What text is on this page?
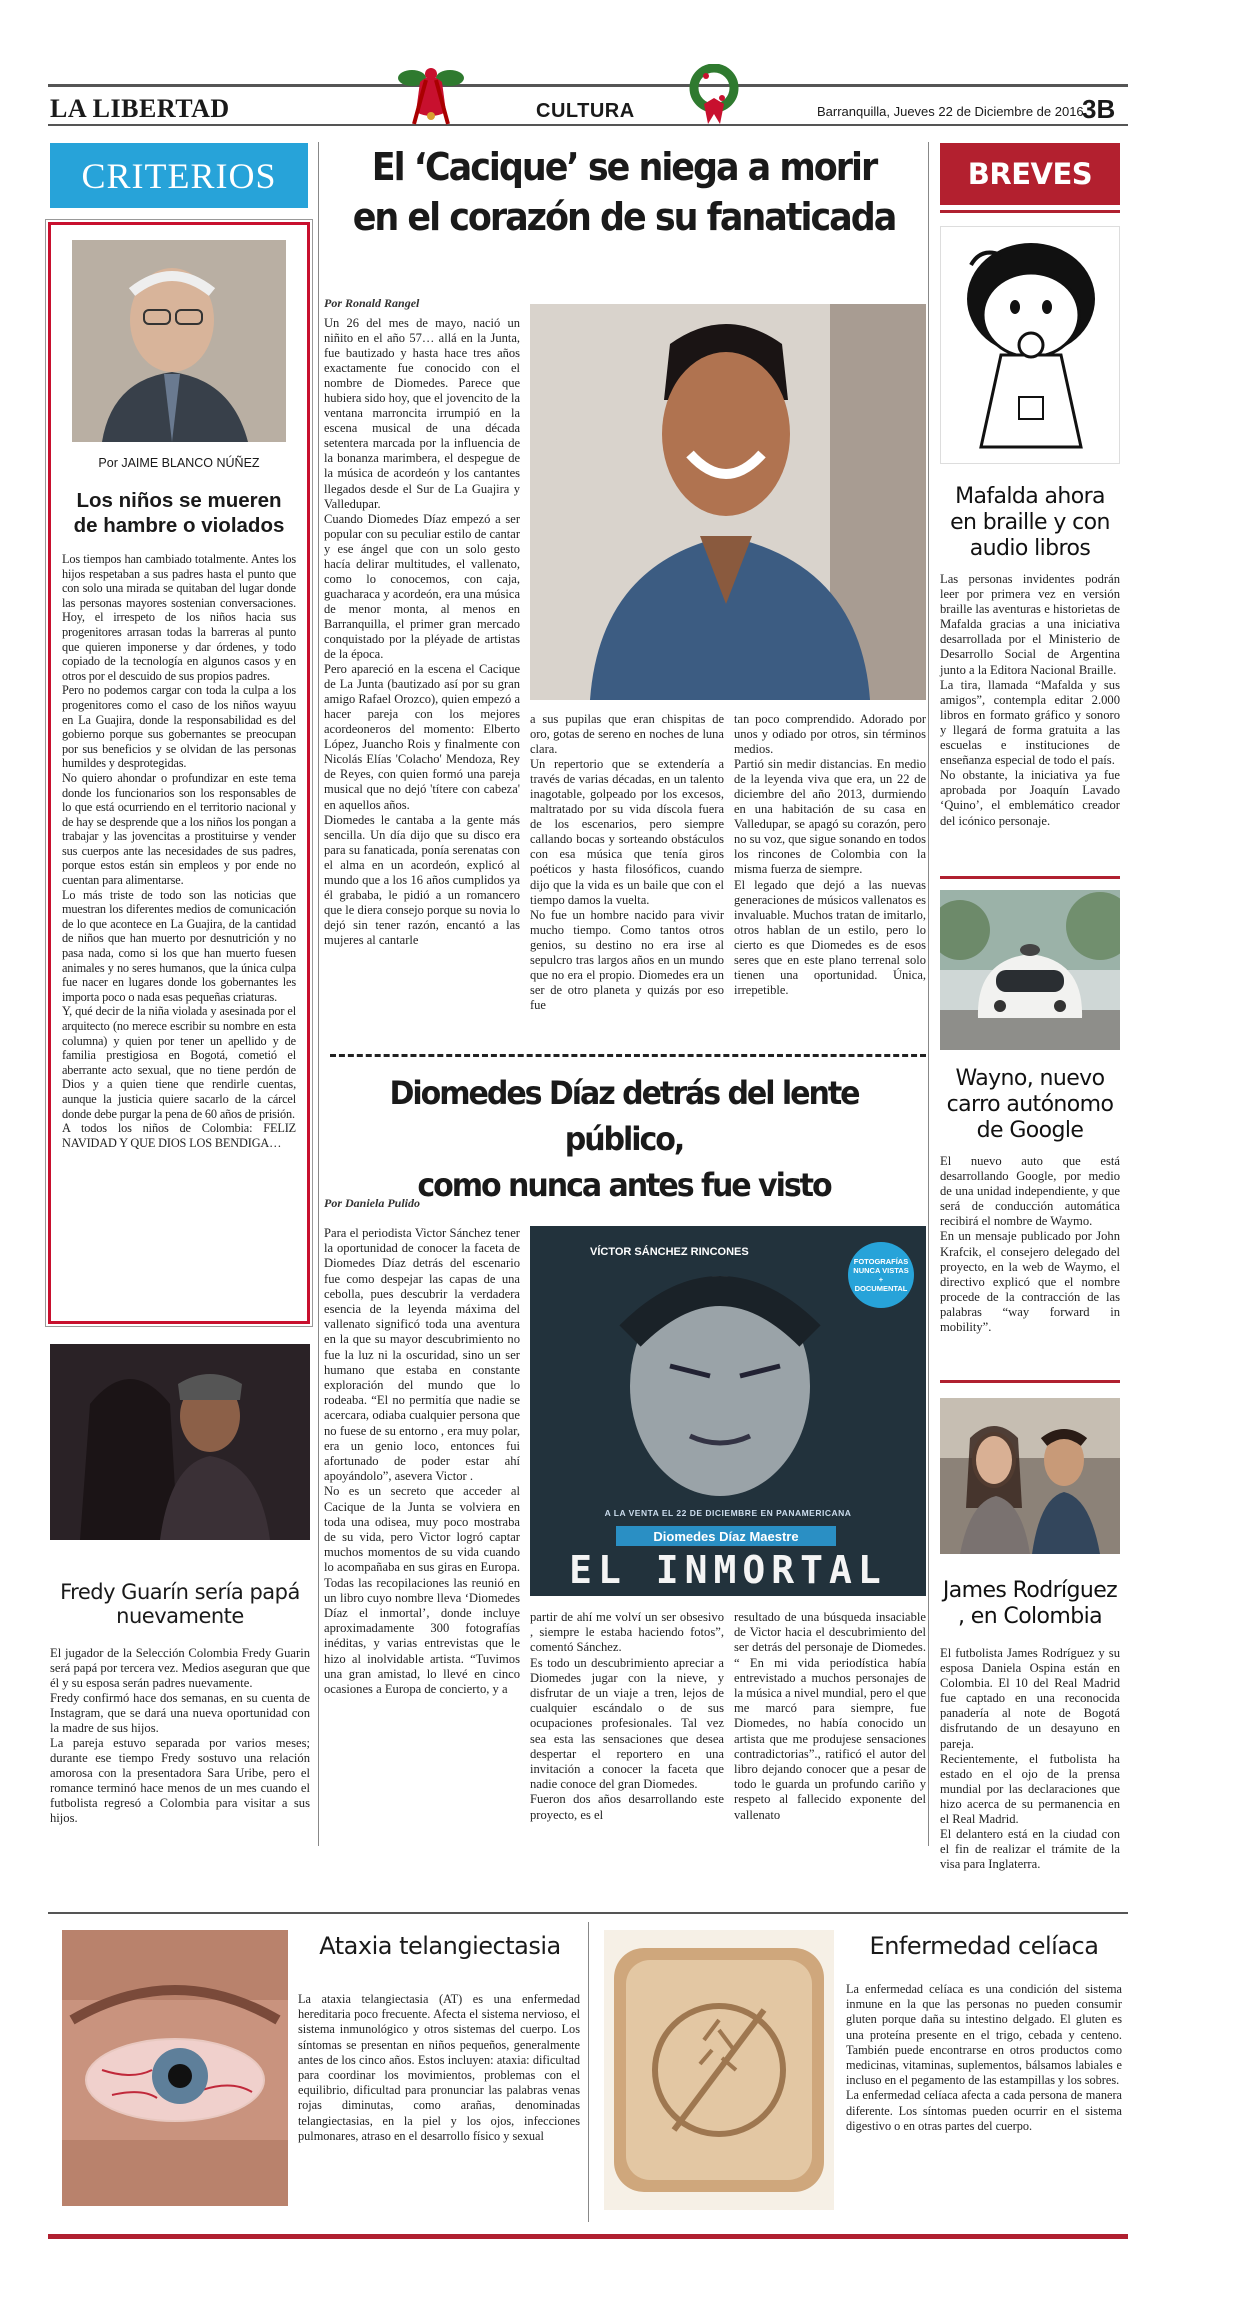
LA LIBERTAD	CULTURA	Barranquilla, Jueves 22 de Diciembre de 2016
3B
CRITERIOS
Por JAIME BLANCO NÚÑEZ
Los niños se mueren de hambre o violados
Los tiempos han cambiado totalmente. Antes los hijos respetaban a sus padres hasta el punto que con solo una mirada se quitaban del lugar donde las personas mayores sostenian conversaciones. Hoy, el irrespeto de los niños hacia sus progenitores arrasan todas la barreras al punto que quieren imponerse y dar órdenes, y todo copiado de la tecnología en algunos casos y en otros por el descuido de sus propios padres.
Pero no podemos cargar con toda la culpa a los progenitores como el caso de los niños wayuu en La Guajira, donde la responsabilidad es del gobierno porque sus gobernantes se preocupan por sus beneficios y se olvidan de las personas humildes y desprotegidas.
No quiero ahondar o profundizar en este tema donde los funcionarios son los responsables de lo que está ocurriendo en el territorio nacional y de hay se desprende que a los niños los pongan a trabajar y las jovencitas a prostituirse y vender sus cuerpos ante las necesidades de sus padres, porque estos están sin empleos y por ende no cuentan para alimentarse.
Lo más triste de todo son las noticias que muestran los diferentes medios de comunicación de lo que acontece en La Guajira, de la cantidad de niños que han muerto por desnutrición y no pasa nada, como si los que han muerto fuesen animales y no seres humanos, que la única culpa fue nacer en lugares donde los gobernantes les importa poco o nada esas pequeñas criaturas.
Y, qué decir de la niña violada y asesinada por el arquitecto (no merece escribir su nombre en esta columna) y quien por tener un apellido y de familia prestigiosa en Bogotá, cometió el aberrante acto sexual, que no tiene perdón de Dios y a quien tiene que rendirle cuentas, aunque la justicia quiere sacarlo de la cárcel donde debe purgar la pena de 60 años de prisión.
A todos los niños de Colombia: FELIZ NAVIDAD Y QUE DIOS LOS BENDIGA…
Fredy Guarín sería papá nuevamente
El jugador de la Selección Colombia Fredy Guarin será papá por tercera vez. Medios aseguran que que él y su esposa serán padres nuevamente.
Fredy confirmó hace dos semanas, en su cuenta de Instagram, que se dará una nueva oportunidad con la madre de sus hijos.
La pareja estuvo separada por varios meses; durante ese tiempo Fredy sostuvo una relación amorosa con la presentadora Sara Uribe, pero el romance terminó hace menos de un mes cuando el futbolista regresó a Colombia para visitar a sus hijos.
El ‘Cacique’ se niega a morir
en el corazón de su fanaticada
Por Ronald Rangel
Un 26 del mes de mayo, nació un niñito en el año 57… allá en la Junta, fue bautizado y hasta hace tres años exactamente fue conocido con el nombre de Diomedes. Parece que hubiera sido hoy, que el jovencito de la ventana marroncita irrumpió en la escena musical de una década setentera marcada por la influencia de la bonanza marimbera, el despegue de la música de acordeón y los cantantes llegados desde el Sur de La Guajira y Valledupar.
Cuando Diomedes Díaz empezó a ser popular con su peculiar estilo de cantar y ese ángel que con un solo gesto hacía delirar multitudes, el vallenato, como lo conocemos, con caja, guacharaca y acordeón, era una música de menor monta, al menos en Barranquilla, el primer gran mercado conquistado por la pléyade de artistas de la época.
Pero apareció en la escena el Cacique de La Junta (bautizado así por su gran amigo Rafael Orozco), quien empezó a hacer pareja con los mejores acordeoneros del momento: Elberto López, Juancho Rois y finalmente con Nicolás Elías 'Colacho' Mendoza, Rey de Reyes, con quien formó una pareja musical que no dejó 'títere con cabeza' en aquellos años.
Diomedes le cantaba a la gente más sencilla. Un día dijo que su disco era para su fanaticada, ponía serenatas con el alma en un acordeón, explicó al mundo que a los 16 años cumplidos ya él grababa, le pidió a un romancero que le diera consejo porque su novia lo dejó sin tener razón, encantó a las mujeres al cantarle
a sus pupilas que eran chispitas de oro, gotas de sereno en noches de luna clara.
Un repertorio que se extendería a través de varias décadas, en un talento inagotable, golpeado por los excesos, maltratado por su vida díscola fuera de los escenarios, pero siempre callando bocas y sorteando obstáculos con esa música que tenía giros poéticos y hasta filosóficos, cuando dijo que la vida es un baile que con el tiempo damos la vuelta.
No fue un hombre nacido para vivir mucho tiempo. Como tantos otros genios, su destino no era irse al sepulcro tras largos años en un mundo que no era el propio. Diomedes era un ser de otro planeta y quizás por eso fue
tan poco comprendido. Adorado por unos y odiado por otros, sin términos medios.
Partió sin medir distancias. En medio de la leyenda viva que era, un 22 de diciembre del año 2013, durmiendo en una habitación de su casa en Valledupar, se apagó su corazón, pero no su voz, que sigue sonando en todos los rincones de Colombia con la misma fuerza de siempre.
El legado que dejó a las nuevas generaciones de músicos vallenatos es invaluable. Muchos tratan de imitarlo, otros hablan de un estilo, pero lo cierto es que Diomedes es de esos seres que en este plano terrenal solo tienen una oportunidad. Única, irrepetible.
Diomedes Díaz detrás del lente público,
como nunca antes fue visto
Por Daniela Pulido
VÍCTOR SÁNCHEZ RINCONES
FOTOGRAFÍAS NUNCA VISTAS + DOCUMENTAL
A LA VENTA EL 22 DE DICIEMBRE EN PANAMERICANA
Diomedes Díaz Maestre
EL INMORTAL
Para el periodista Victor Sánchez tener la oportunidad de conocer la faceta de Diomedes Díaz detrás del escenario fue como despejar las capas de una cebolla, pues descubrir la verdadera esencia de la leyenda máxima del vallenato significó toda una aventura en la que su mayor descubrimiento no fue la luz ni la oscuridad, sino un ser humano que estaba en constante exploración del mundo que lo rodeaba. “El no permitía que nadie se acercara, odiaba cualquier persona que no fuese de su entorno , era muy polar, era un genio loco, entonces fui afortunado de poder estar ahí apoyándolo”, asevera Victor .
No es un secreto que acceder al Cacique de la Junta se volviera en toda una odisea, muy poco mostraba de su vida, pero Victor logró captar muchos momentos de su vida cuando lo acompañaba en sus giras en Europa. Todas las recopilaciones las reunió en un libro cuyo nombre lleva ‘Diomedes Díaz el inmortal’, donde incluye aproximadamente 300 fotografías inéditas, y varias entrevistas que le hizo al inolvidable artista. “Tuvimos una gran amistad, lo llevé en cinco ocasiones a Europa de concierto, y a
partir de ahí me volví un ser obsesivo , siempre le estaba haciendo fotos”, comentó Sánchez.
Es todo un descubrimiento apreciar a Diomedes jugar con la nieve, y disfrutar de un viaje a tren, lejos de cualquier escándalo o de sus ocupaciones profesionales. Tal vez sea esta las sensaciones que desea despertar el reportero en una invitación a conocer la faceta que nadie conoce del gran Diomedes.
Fueron dos años desarrollando este proyecto, es el
resultado de una búsqueda insaciable de Victor hacia el descubrimiento del ser detrás del personaje de Diomedes. “ En mi vida periodística había entrevistado a muchos personajes de la música a nivel mundial, pero el que me marcó para siempre, fue Diomedes, no había conocido un artista que me produjese sensaciones contradictorias”., ratificó el autor del libro dejando conocer que a pesar de todo le guarda un profundo cariño y respeto al fallecido exponente del vallenato
BREVES
Mafalda ahora en braille y con audio libros
Las personas invidentes podrán leer por primera vez en versión braille las aventuras e historietas de Mafalda gracias a una iniciativa desarrollada por el Ministerio de Desarrollo Social de Argentina junto a la Editora Nacional Braille.
La tira, llamada “Mafalda y sus amigos”, contempla editar 2.000 libros en formato gráfico y sonoro y llegará de forma gratuita a las escuelas e instituciones de enseñanza especial de todo el país.
No obstante, la iniciativa ya fue aprobada por Joaquín Lavado ‘Quino’, el emblemático creador del icónico personaje.
Wayno, nuevo carro autónomo de Google
El nuevo auto que está desarrollando Google, por medio de una unidad independiente, y que será de conducción automática recibirá el nombre de Waymo.
En un mensaje publicado por John Krafcik, el consejero delegado del proyecto, en la web de Waymo, el directivo explicó que el nombre procede de la contracción de las palabras “way forward in mobility”.
James Rodríguez , en Colombia
El futbolista James Rodríguez y su esposa Daniela Ospina están en Colombia. El 10 del Real Madrid fue captado en una reconocida panadería al note de Bogotá disfrutando de un desayuno en pareja.
Recientemente, el futbolista ha estado en el ojo de la prensa mundial por las declaraciones que hizo acerca de su permanencia en el Real Madrid.
El delantero está en la ciudad con el fin de realizar el trámite de la visa para Inglaterra.
Ataxia telangiectasia
La ataxia telangiectasia (AT) es una enfermedad hereditaria poco frecuente. Afecta el sistema nervioso, el sistema inmunológico y otros sistemas del cuerpo. Los síntomas se presentan en niños pequeños, generalmente antes de los cinco años. Estos incluyen: ataxia: dificultad para coordinar los movimientos, problemas con el equilibrio, dificultad para pronunciar las palabras venas rojas diminutas, como arañas, denominadas telangiectasias, en la piel y los ojos, infecciones pulmonares, atraso en el desarrollo físico y sexual
Enfermedad celíaca
La enfermedad celíaca es una condición del sistema inmune en la que las personas no pueden consumir gluten porque daña su intestino delgado. El gluten es una proteína presente en el trigo, cebada y centeno. También puede encontrarse en otros productos como medicinas, vitaminas, suplementos, bálsamos labiales e incluso en el pegamento de las estampillas y los sobres.
La enfermedad celíaca afecta a cada persona de manera diferente. Los síntomas pueden ocurrir en el sistema digestivo o en otras partes del cuerpo.
